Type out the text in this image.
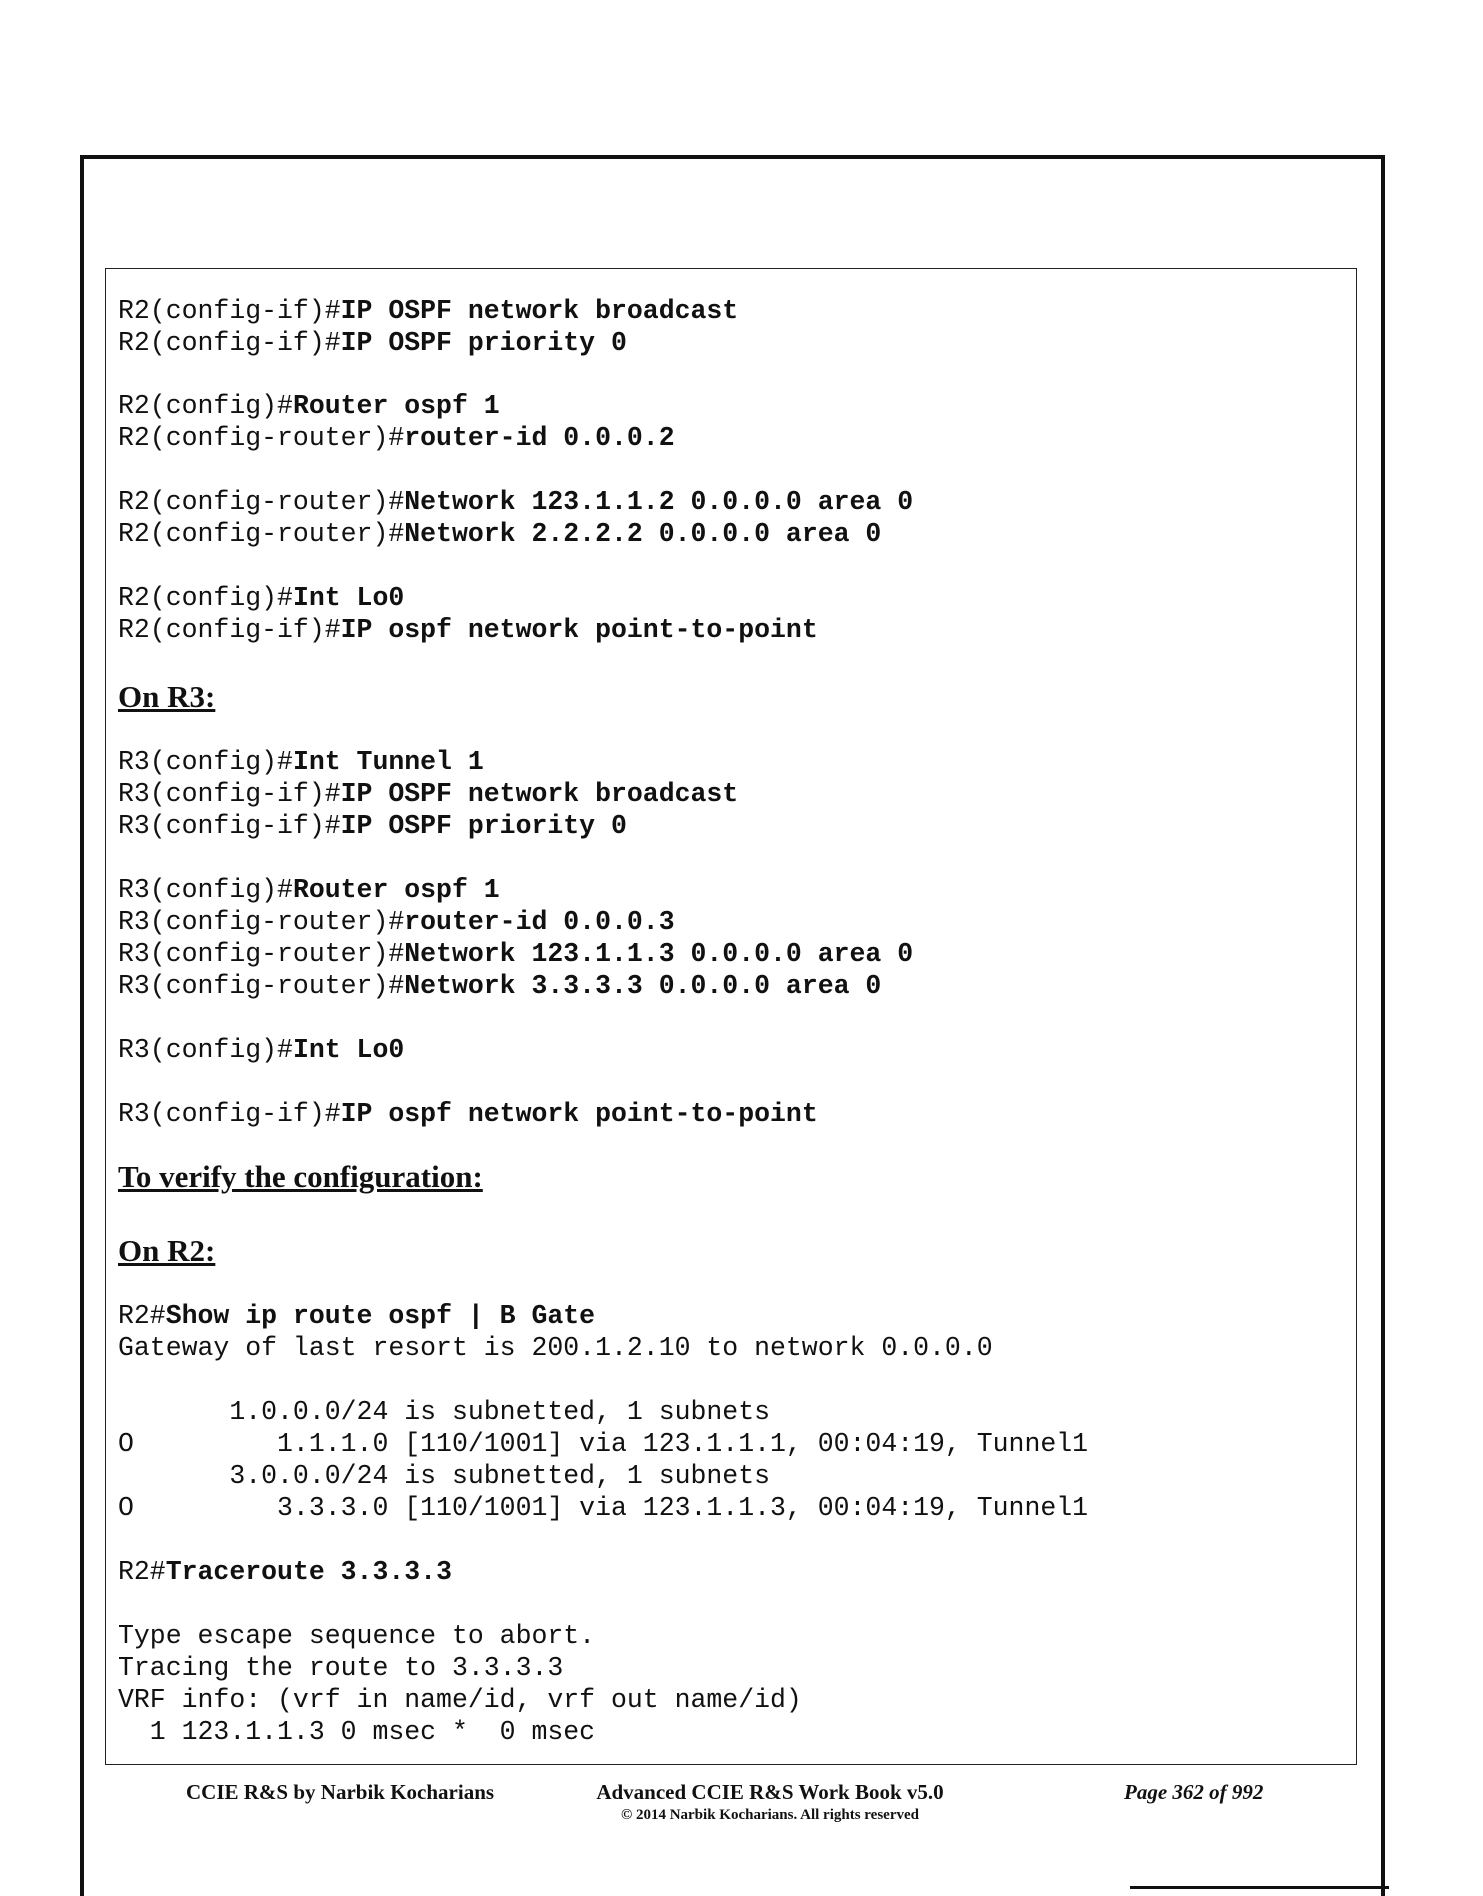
R2(config-if)#IP OSPF network broadcast
R2(config-if)#IP OSPF priority 0
R2(config)#Router ospf 1
R2(config-router)#router-id 0.0.0.2
R2(config-router)#Network 123.1.1.2 0.0.0.0 area 0
R2(config-router)#Network 2.2.2.2 0.0.0.0 area 0
R2(config)#Int Lo0
R2(config-if)#IP ospf network point-to-point
On R3:
R3(config)#Int Tunnel 1
R3(config-if)#IP OSPF network broadcast
R3(config-if)#IP OSPF priority 0
R3(config)#Router ospf 1
R3(config-router)#router-id 0.0.0.3
R3(config-router)#Network 123.1.1.3 0.0.0.0 area 0
R3(config-router)#Network 3.3.3.3 0.0.0.0 area 0
R3(config)#Int Lo0
R3(config-if)#IP ospf network point-to-point
To verify the configuration:
On R2:
R2#Show ip route ospf | B Gate
Gateway of last resort is 200.1.2.10 to network 0.0.0.0
1.0.0.0/24 is subnetted, 1 subnets
O         1.1.1.0 [110/1001] via 123.1.1.1, 00:04:19, Tunnel1
3.0.0.0/24 is subnetted, 1 subnets
O         3.3.3.0 [110/1001] via 123.1.1.3, 00:04:19, Tunnel1
R2#Traceroute 3.3.3.3
Type escape sequence to abort.
Tracing the route to 3.3.3.3
VRF info: (vrf in name/id, vrf out name/id)
1 123.1.1.3 0 msec *  0 msec
CCIE R&S by Narbik Kocharians	Advanced CCIE R&S Work Book v5.0
© 2014 Narbik Kocharians. All rights reserved
Page 362 of 992
